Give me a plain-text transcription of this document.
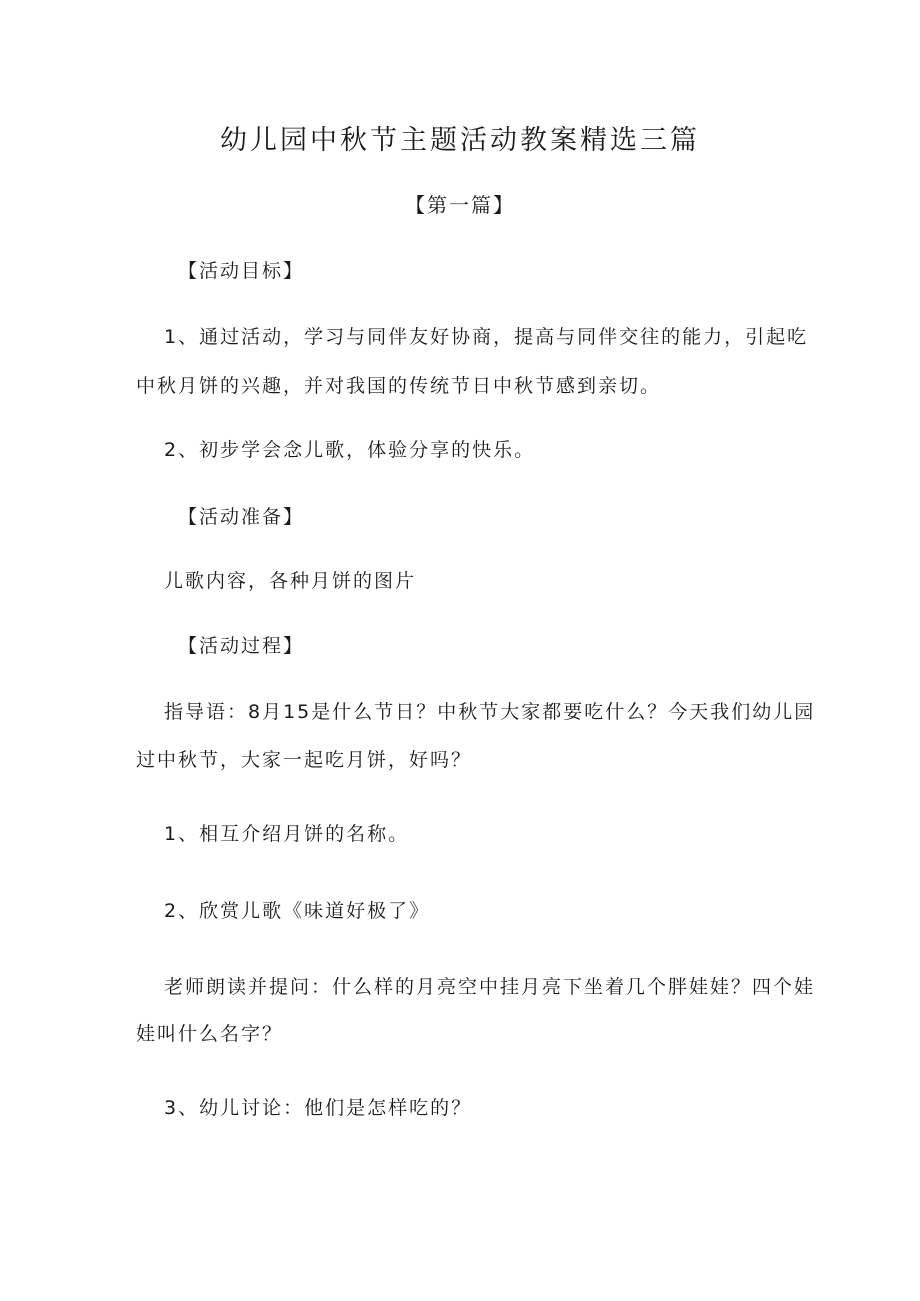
幼儿园中秋节主题活动教案精选三篇
【第一篇】
【活动目标】
1、通过活动，学习与同伴友好协商，提高与同伴交往的能力，引起吃
中秋月饼的兴趣，并对我国的传统节日中秋节感到亲切。
2、初步学会念儿歌，体验分享的快乐。
【活动准备】
儿歌内容，各种月饼的图片
【活动过程】
指导语：8月15是什么节日？中秋节大家都要吃什么？今天我们幼儿园
过中秋节，大家一起吃月饼，好吗？
1、相互介绍月饼的名称。
2、欣赏儿歌《味道好极了》
老师朗读并提问：什么样的月亮空中挂月亮下坐着几个胖娃娃？四个娃
娃叫什么名字？
3、幼儿讨论：他们是怎样吃的？
